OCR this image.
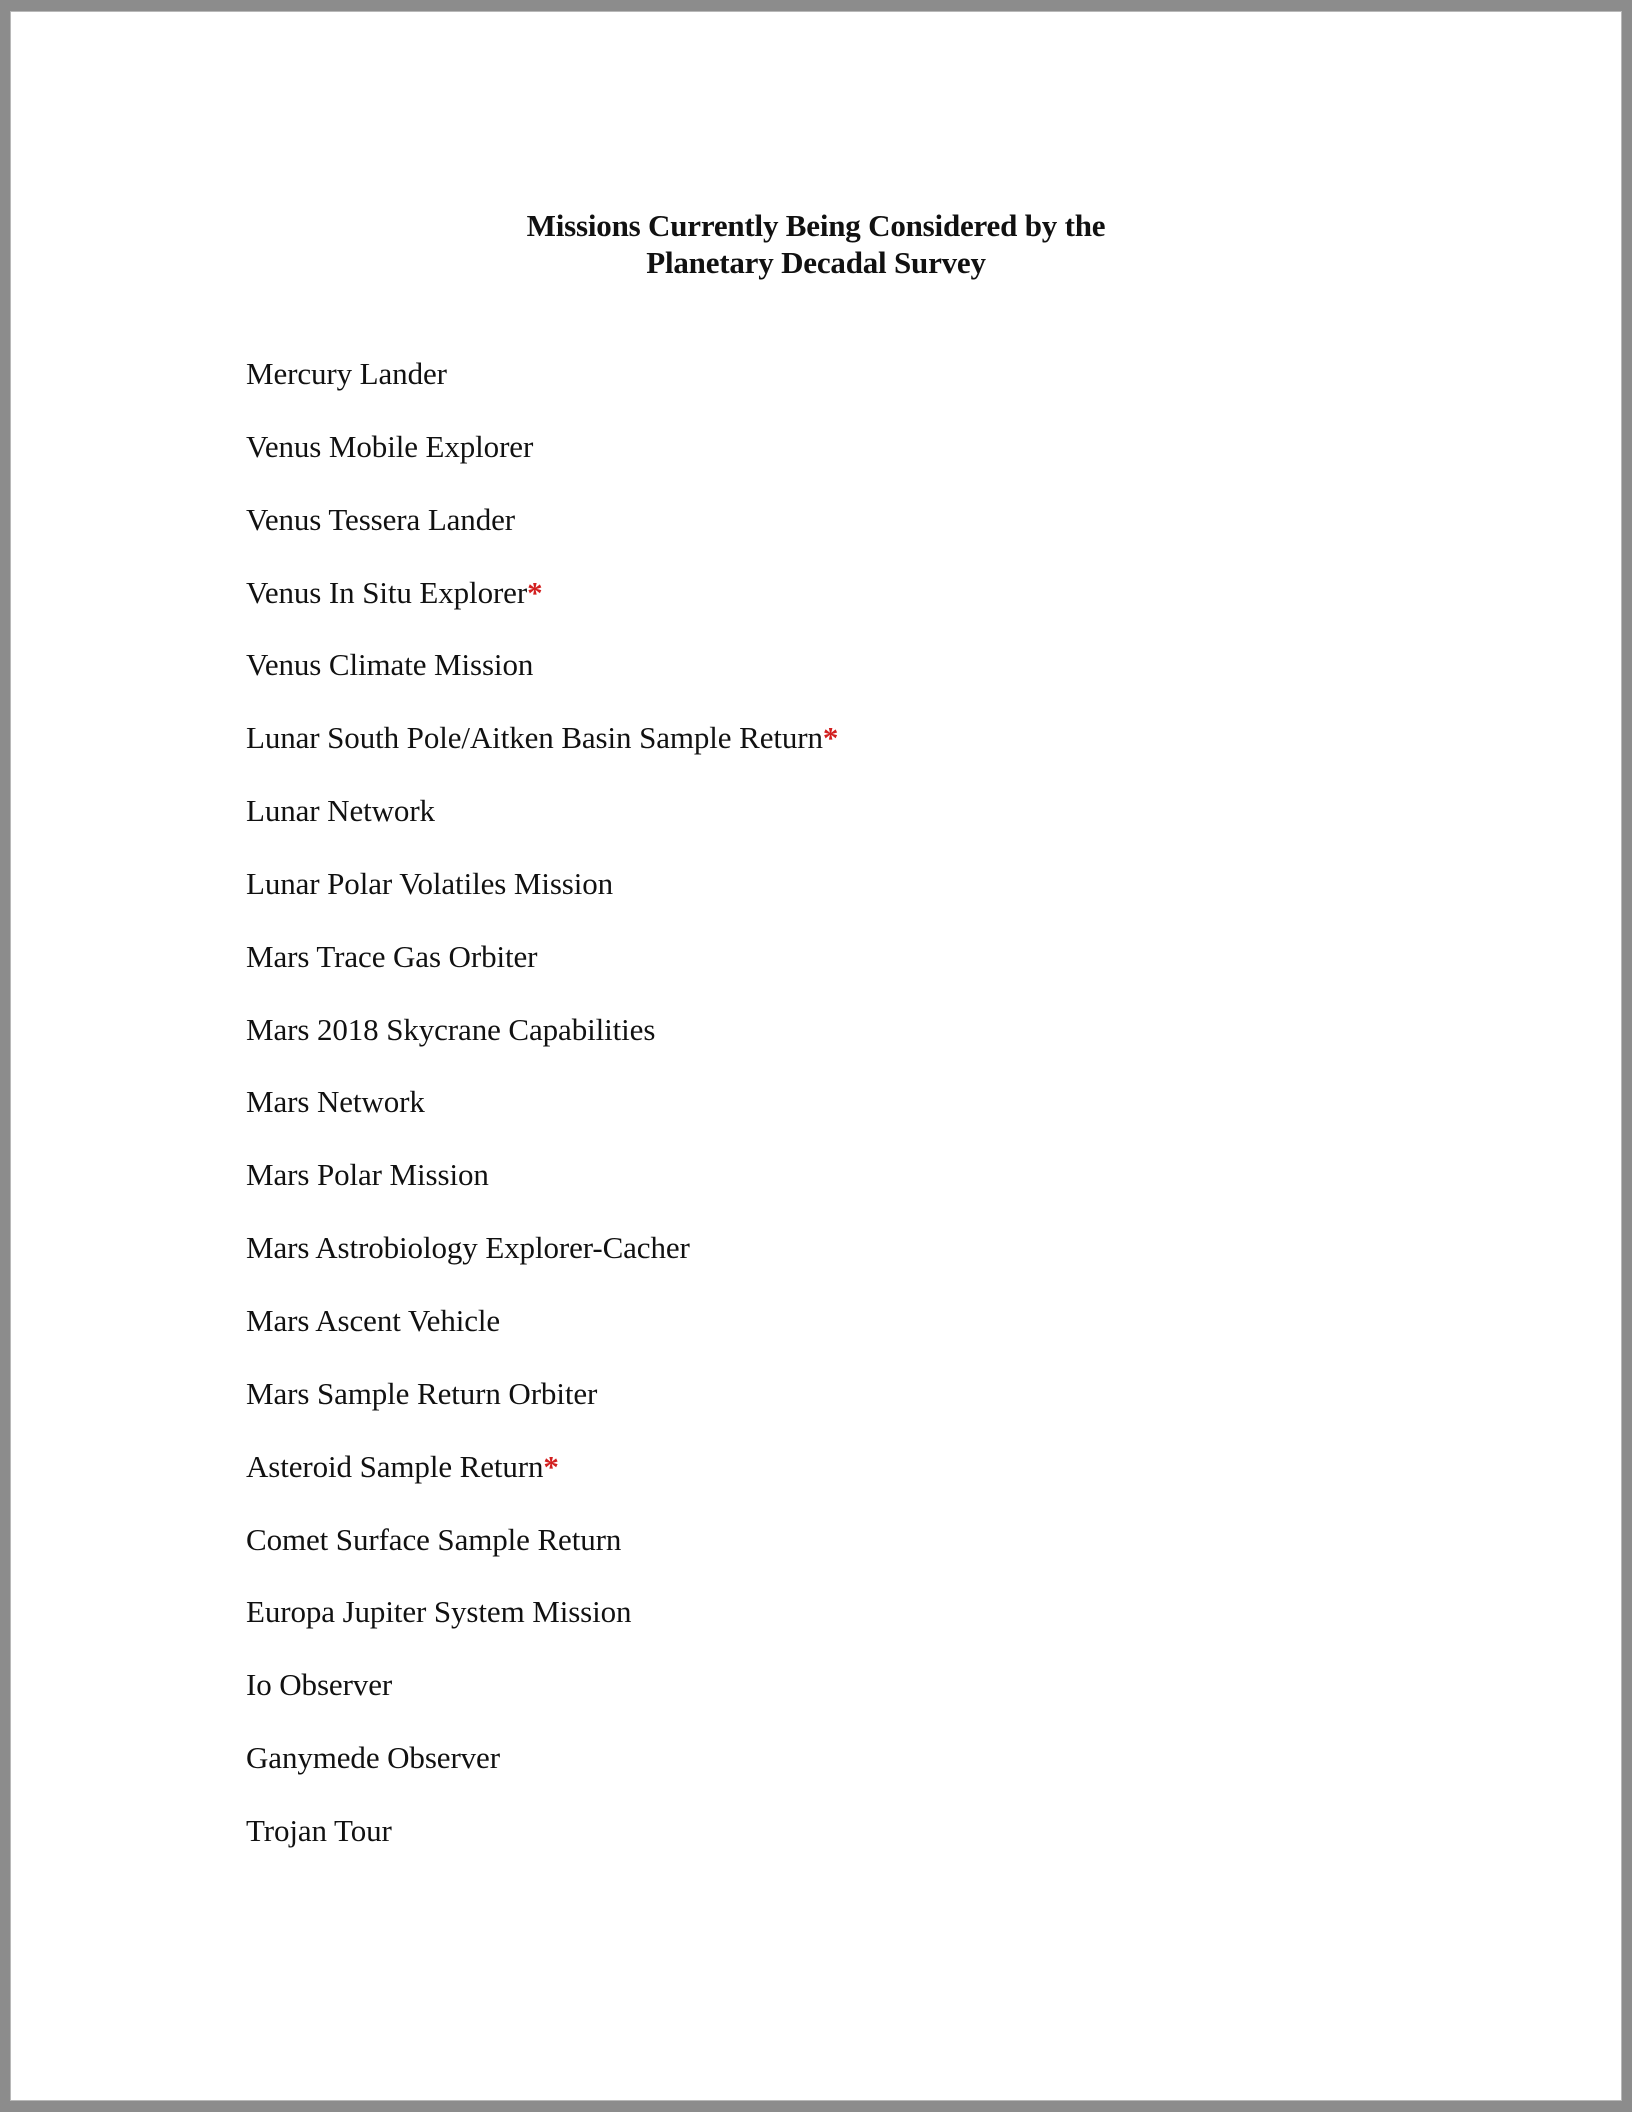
Missions Currently Being Considered by the
Planetary Decadal Survey
Mercury Lander
Venus Mobile Explorer
Venus Tessera Lander
Venus In Situ Explorer*
Venus Climate Mission
Lunar South Pole/Aitken Basin Sample Return*
Lunar Network
Lunar Polar Volatiles Mission
Mars Trace Gas Orbiter
Mars 2018 Skycrane Capabilities
Mars Network
Mars Polar Mission
Mars Astrobiology Explorer-Cacher
Mars Ascent Vehicle
Mars Sample Return Orbiter
Asteroid Sample Return*
Comet Surface Sample Return
Europa Jupiter System Mission
Io Observer
Ganymede Observer
Trojan Tour
